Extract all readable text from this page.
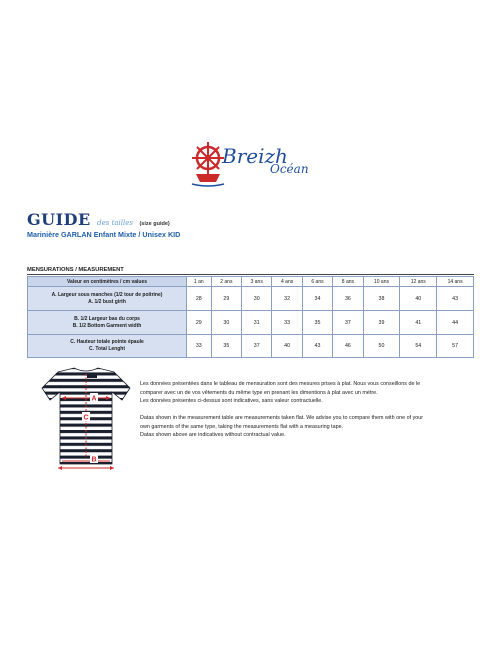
Breizh
Océan
GUIDE des tailles (size guide)
Marinière GARLAN Enfant Mixte / Unisex KID
MENSURATIONS / MEASUREMENT
Valeur en centimètres / cm values	1 an	2 ans	3 ans	4 ans	6 ans	8 ans	10 ans	12 ans	14 ans

A. Largeur sous manches (1/2 tour de poitrine)
A. 1/2 bust girth	28	29	30	32	34	36	38	40	43

B. 1/2 Largeur bas du corps
B. 1/2 Bottom Garment width	29	30	31	33	35	37	39	41	44

C. Hauteur totale pointe épaule
C. Total Lenght	33	35	37	40	43	46	50	54	57
A
C
B

Les données présentées dans le tableau de mensuration sont des mesures prises à plat. Nous vous conseillons de le

comparer avec un de vos vêtements du même type en prenant les dimentions à plat avec un mètre.

Les données présentes ci-dessus sont indicatives, sans valeur contractuelle.

Datas shown in the measurement table are measurements taken flat. We advise you to compare them with one of your

own garments of the same type, taking the measurements flat with a measuring tape.

Datas shown above are indicatives without contractual value.
